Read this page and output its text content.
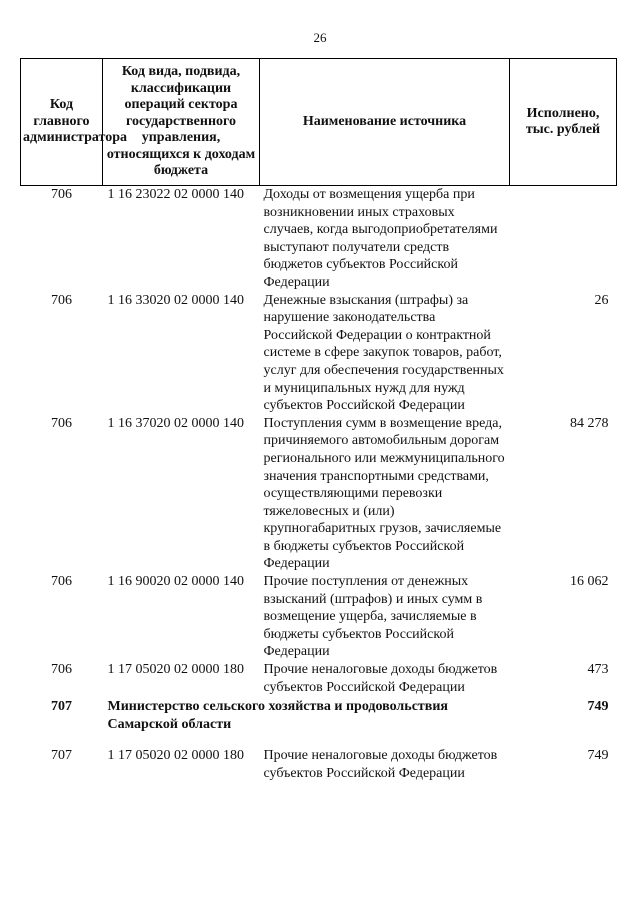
26
Код главного администратора	Код вида, подвида, классификации операций сектора государственного управления, относящихся к доходам бюджета	Наименование источника	Исполнено, тыс. рублей
706	1 16 23022 02 0000 140	Доходы от возмещения ущерба при возникновении иных страховых случаев, когда выгодоприобретателями выступают получатели средств бюджетов субъектов Российской Федерации	
706	1 16 33020 02 0000 140	Денежные взыскания (штрафы) за нарушение законодательства Российской Федерации о контрактной системе в сфере закупок товаров, работ, услуг для обеспечения государственных и муниципальных нужд для нужд субъектов Российской Федерации	26
706	1 16 37020 02 0000 140	Поступления сумм в возмещение вреда, причиняемого автомобильным дорогам регионального или межмуниципального значения транспортными средствами, осуществляющими перевозки тяжеловесных и (или) крупногабаритных грузов, зачисляемые в бюджеты субъектов Российской Федерации	84 278
706	1 16 90020 02 0000 140	Прочие поступления от денежных взысканий (штрафов) и иных сумм в возмещение ущерба, зачисляемые в бюджеты субъектов Российской Федерации	16 062
706	1 17 05020 02 0000 180	Прочие неналоговые доходы бюджетов субъектов Российской Федерации	473
707	Министерство сельского хозяйства и продовольствия Самарской области		749
707	1 17 05020 02 0000 180	Прочие неналоговые доходы бюджетов субъектов Российской Федерации	749
